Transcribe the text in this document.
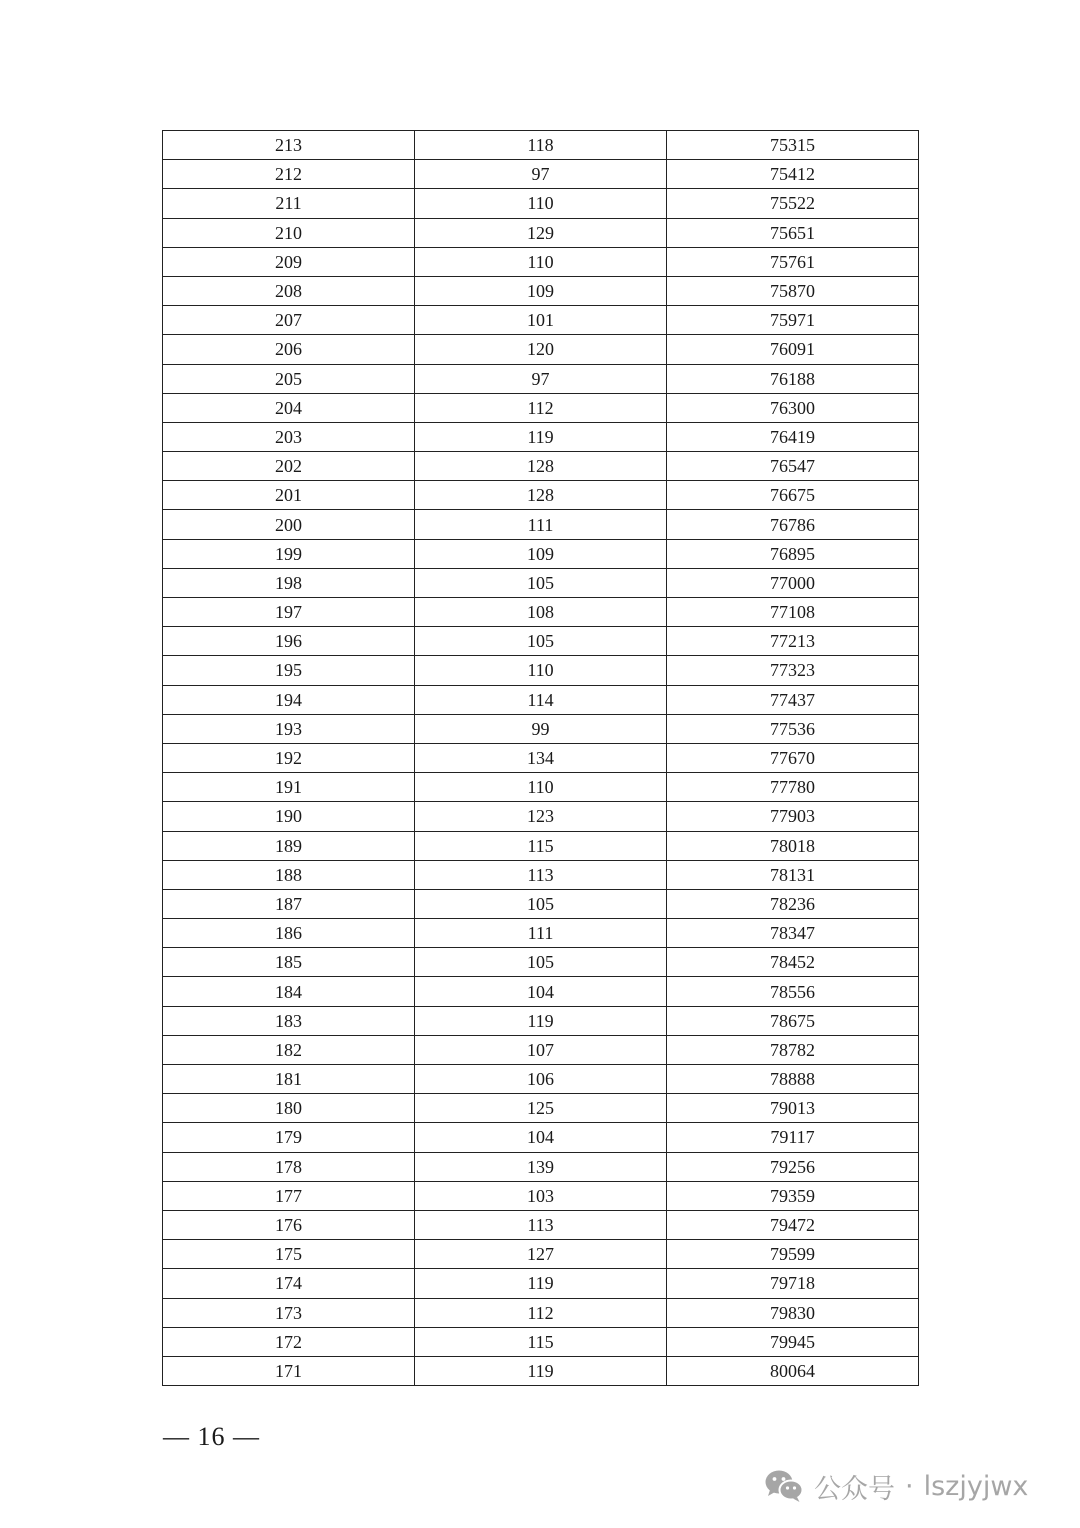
213	118	75315
212	97	75412
211	110	75522
210	129	75651
209	110	75761
208	109	75870
207	101	75971
206	120	76091
205	97	76188
204	112	76300
203	119	76419
202	128	76547
201	128	76675
200	111	76786
199	109	76895
198	105	77000
197	108	77108
196	105	77213
195	110	77323
194	114	77437
193	99	77536
192	134	77670
191	110	77780
190	123	77903
189	115	78018
188	113	78131
187	105	78236
186	111	78347
185	105	78452
184	104	78556
183	119	78675
182	107	78782
181	106	78888
180	125	79013
179	104	79117
178	139	79256
177	103	79359
176	113	79472
175	127	79599
174	119	79718
173	112	79830
172	115	79945
171	119	80064
— 16 —
公众号 · lszjyjwx
